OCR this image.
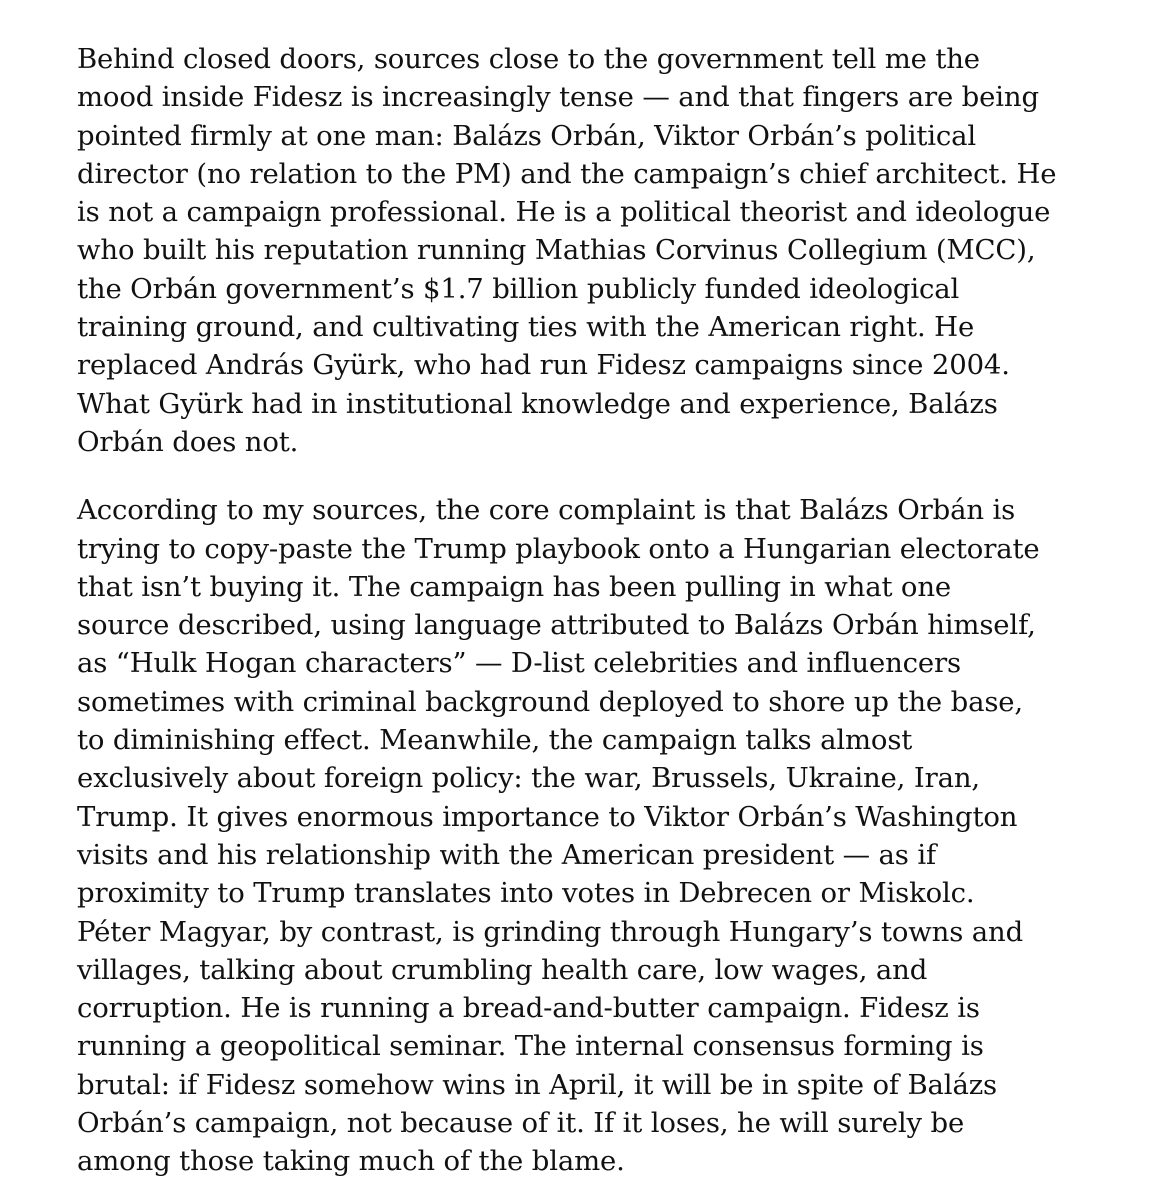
Behind closed doors, sources close to the government tell me the
mood inside Fidesz is increasingly tense — and that fingers are being
pointed firmly at one man: Balázs Orbán, Viktor Orbán’s political
director (no relation to the PM) and the campaign’s chief architect. He
is not a campaign professional. He is a political theorist and ideologue
who built his reputation running Mathias Corvinus Collegium (MCC),
the Orbán government’s $1.7 billion publicly funded ideological
training ground, and cultivating ties with the American right. He
replaced András Gyürk, who had run Fidesz campaigns since 2004.
What Gyürk had in institutional knowledge and experience, Balázs
Orbán does not.

According to my sources, the core complaint is that Balázs Orbán is
trying to copy-paste the Trump playbook onto a Hungarian electorate
that isn’t buying it. The campaign has been pulling in what one
source described, using language attributed to Balázs Orbán himself,
as “Hulk Hogan characters” — D-list celebrities and influencers
sometimes with criminal background deployed to shore up the base,
to diminishing effect. Meanwhile, the campaign talks almost
exclusively about foreign policy: the war, Brussels, Ukraine, Iran,
Trump. It gives enormous importance to Viktor Orbán’s Washington
visits and his relationship with the American president — as if
proximity to Trump translates into votes in Debrecen or Miskolc.
Péter Magyar, by contrast, is grinding through Hungary’s towns and
villages, talking about crumbling health care, low wages, and
corruption. He is running a bread-and-butter campaign. Fidesz is
running a geopolitical seminar. The internal consensus forming is
brutal: if Fidesz somehow wins in April, it will be in spite of Balázs
Orbán’s campaign, not because of it. If it loses, he will surely be
among those taking much of the blame.
